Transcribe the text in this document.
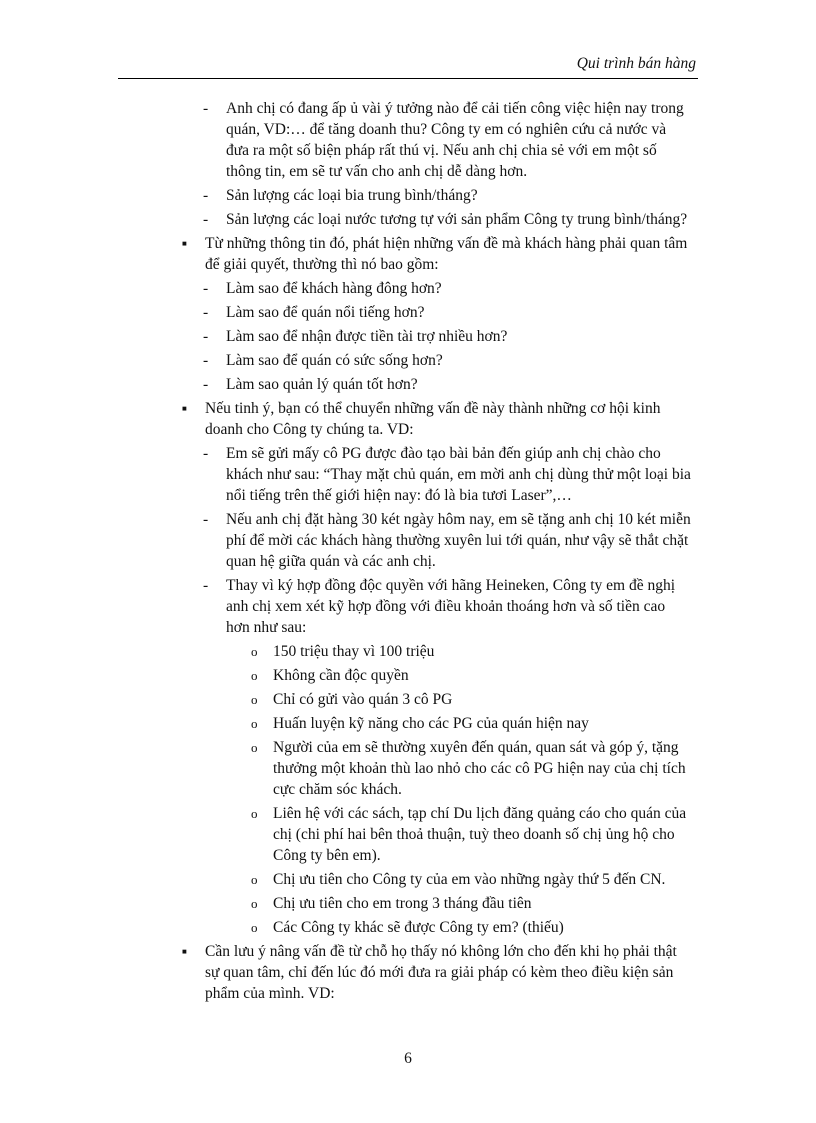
Qui trình bán hàng
- Anh chị có đang ấp ủ vài ý tưởng nào để cải tiến công việc hiện nay trong quán, VD:… để tăng doanh thu? Công ty em có nghiên cứu cả nước và đưa ra một số biện pháp rất thú vị. Nếu anh chị chia sẻ với em một số thông tin, em sẽ tư vấn cho anh chị dễ dàng hơn.
- Sản lượng các loại bia trung bình/tháng?
- Sản lượng các loại nước tương tự với sản phẩm Công ty trung bình/tháng?
■ Từ những thông tin đó, phát hiện những vấn đề mà khách hàng phải quan tâm để giải quyết, thường thì nó bao gồm:
- Làm sao để khách hàng đông hơn?
- Làm sao để quán nổi tiếng hơn?
- Làm sao để nhận được tiền tài trợ nhiều hơn?
- Làm sao để quán có sức sống hơn?
- Làm sao quản lý quán tốt hơn?
■ Nếu tinh ý, bạn có thể chuyển những vấn đề này thành những cơ hội kinh doanh cho Công ty chúng ta. VD:
- Em sẽ gửi mấy cô PG được đào tạo bài bản đến giúp anh chị chào cho khách như sau: “Thay mặt chủ quán, em mời anh chị dùng thử một loại bia nổi tiếng trên thế giới hiện nay: đó là bia tươi Laser”,…
- Nếu anh chị đặt hàng 30 két ngày hôm nay, em sẽ tặng anh chị 10 két miễn phí để mời các khách hàng thường xuyên lui tới quán, như vậy sẽ thắt chặt quan hệ giữa quán và các anh chị.
- Thay vì ký hợp đồng độc quyền với hãng Heineken, Công ty em đề nghị anh chị xem xét kỹ hợp đồng với điều khoản thoáng hơn và số tiền cao hơn như sau:
o 150 triệu thay vì 100 triệu
o Không cần độc quyền
o Chỉ có gửi vào quán 3 cô PG
o Huấn luyện kỹ năng cho các PG của quán hiện nay
o Người của em sẽ thường xuyên đến quán, quan sát và góp ý, tặng thưởng một khoản thù lao nhỏ cho các cô PG hiện nay của chị tích cực chăm sóc khách.
o Liên hệ với các sách, tạp chí Du lịch đăng quảng cáo cho quán của chị (chi phí hai bên thoả thuận, tuỳ theo doanh số chị ủng hộ cho Công ty bên em).
o Chị ưu tiên cho Công ty của em vào những ngày thứ 5 đến CN.
o Chị ưu tiên cho em trong 3 tháng đầu tiên
o Các Công ty khác sẽ được Công ty em? (thiếu)
■ Cần lưu ý nâng vấn đề từ chỗ họ thấy nó không lớn cho đến khi họ phải thật sự quan tâm, chỉ đến lúc đó mới đưa ra giải pháp có kèm theo điều kiện sản phẩm của mình. VD:
6
